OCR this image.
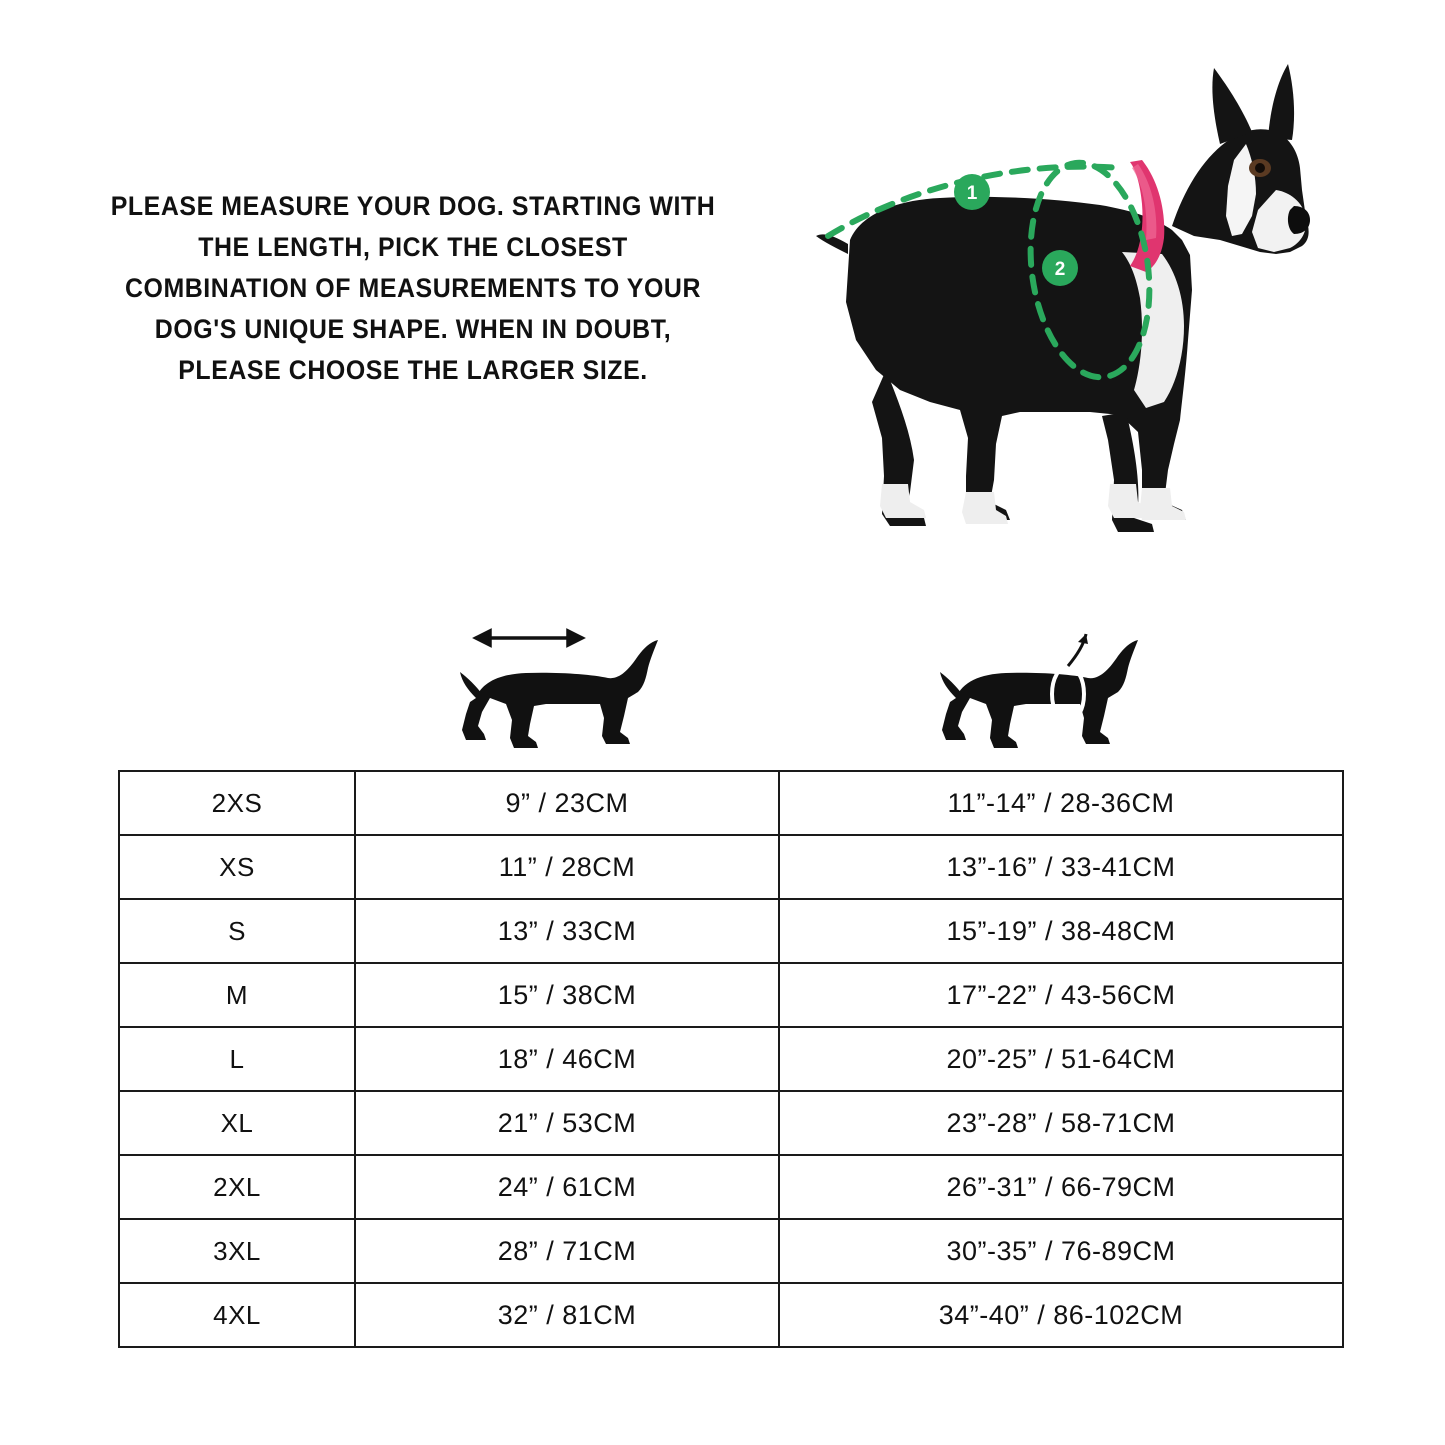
PLEASE MEASURE YOUR DOG. STARTING WITH THE LENGTH, PICK THE CLOSEST COMBINATION OF MEASUREMENTS TO YOUR DOG'S UNIQUE SHAPE. WHEN IN DOUBT, PLEASE CHOOSE THE LARGER SIZE.
1
2
2XS	9” / 23CM	11”-14” / 28-36CM
XS	11” / 28CM	13”-16” / 33-41CM
S	13” / 33CM	15”-19” / 38-48CM
M	15” / 38CM	17”-22” / 43-56CM
L	18” / 46CM	20”-25” / 51-64CM
XL	21” / 53CM	23”-28” / 58-71CM
2XL	24” / 61CM	26”-31” / 66-79CM
3XL	28” / 71CM	30”-35” / 76-89CM
4XL	32” / 81CM	34”-40” / 86-102CM
